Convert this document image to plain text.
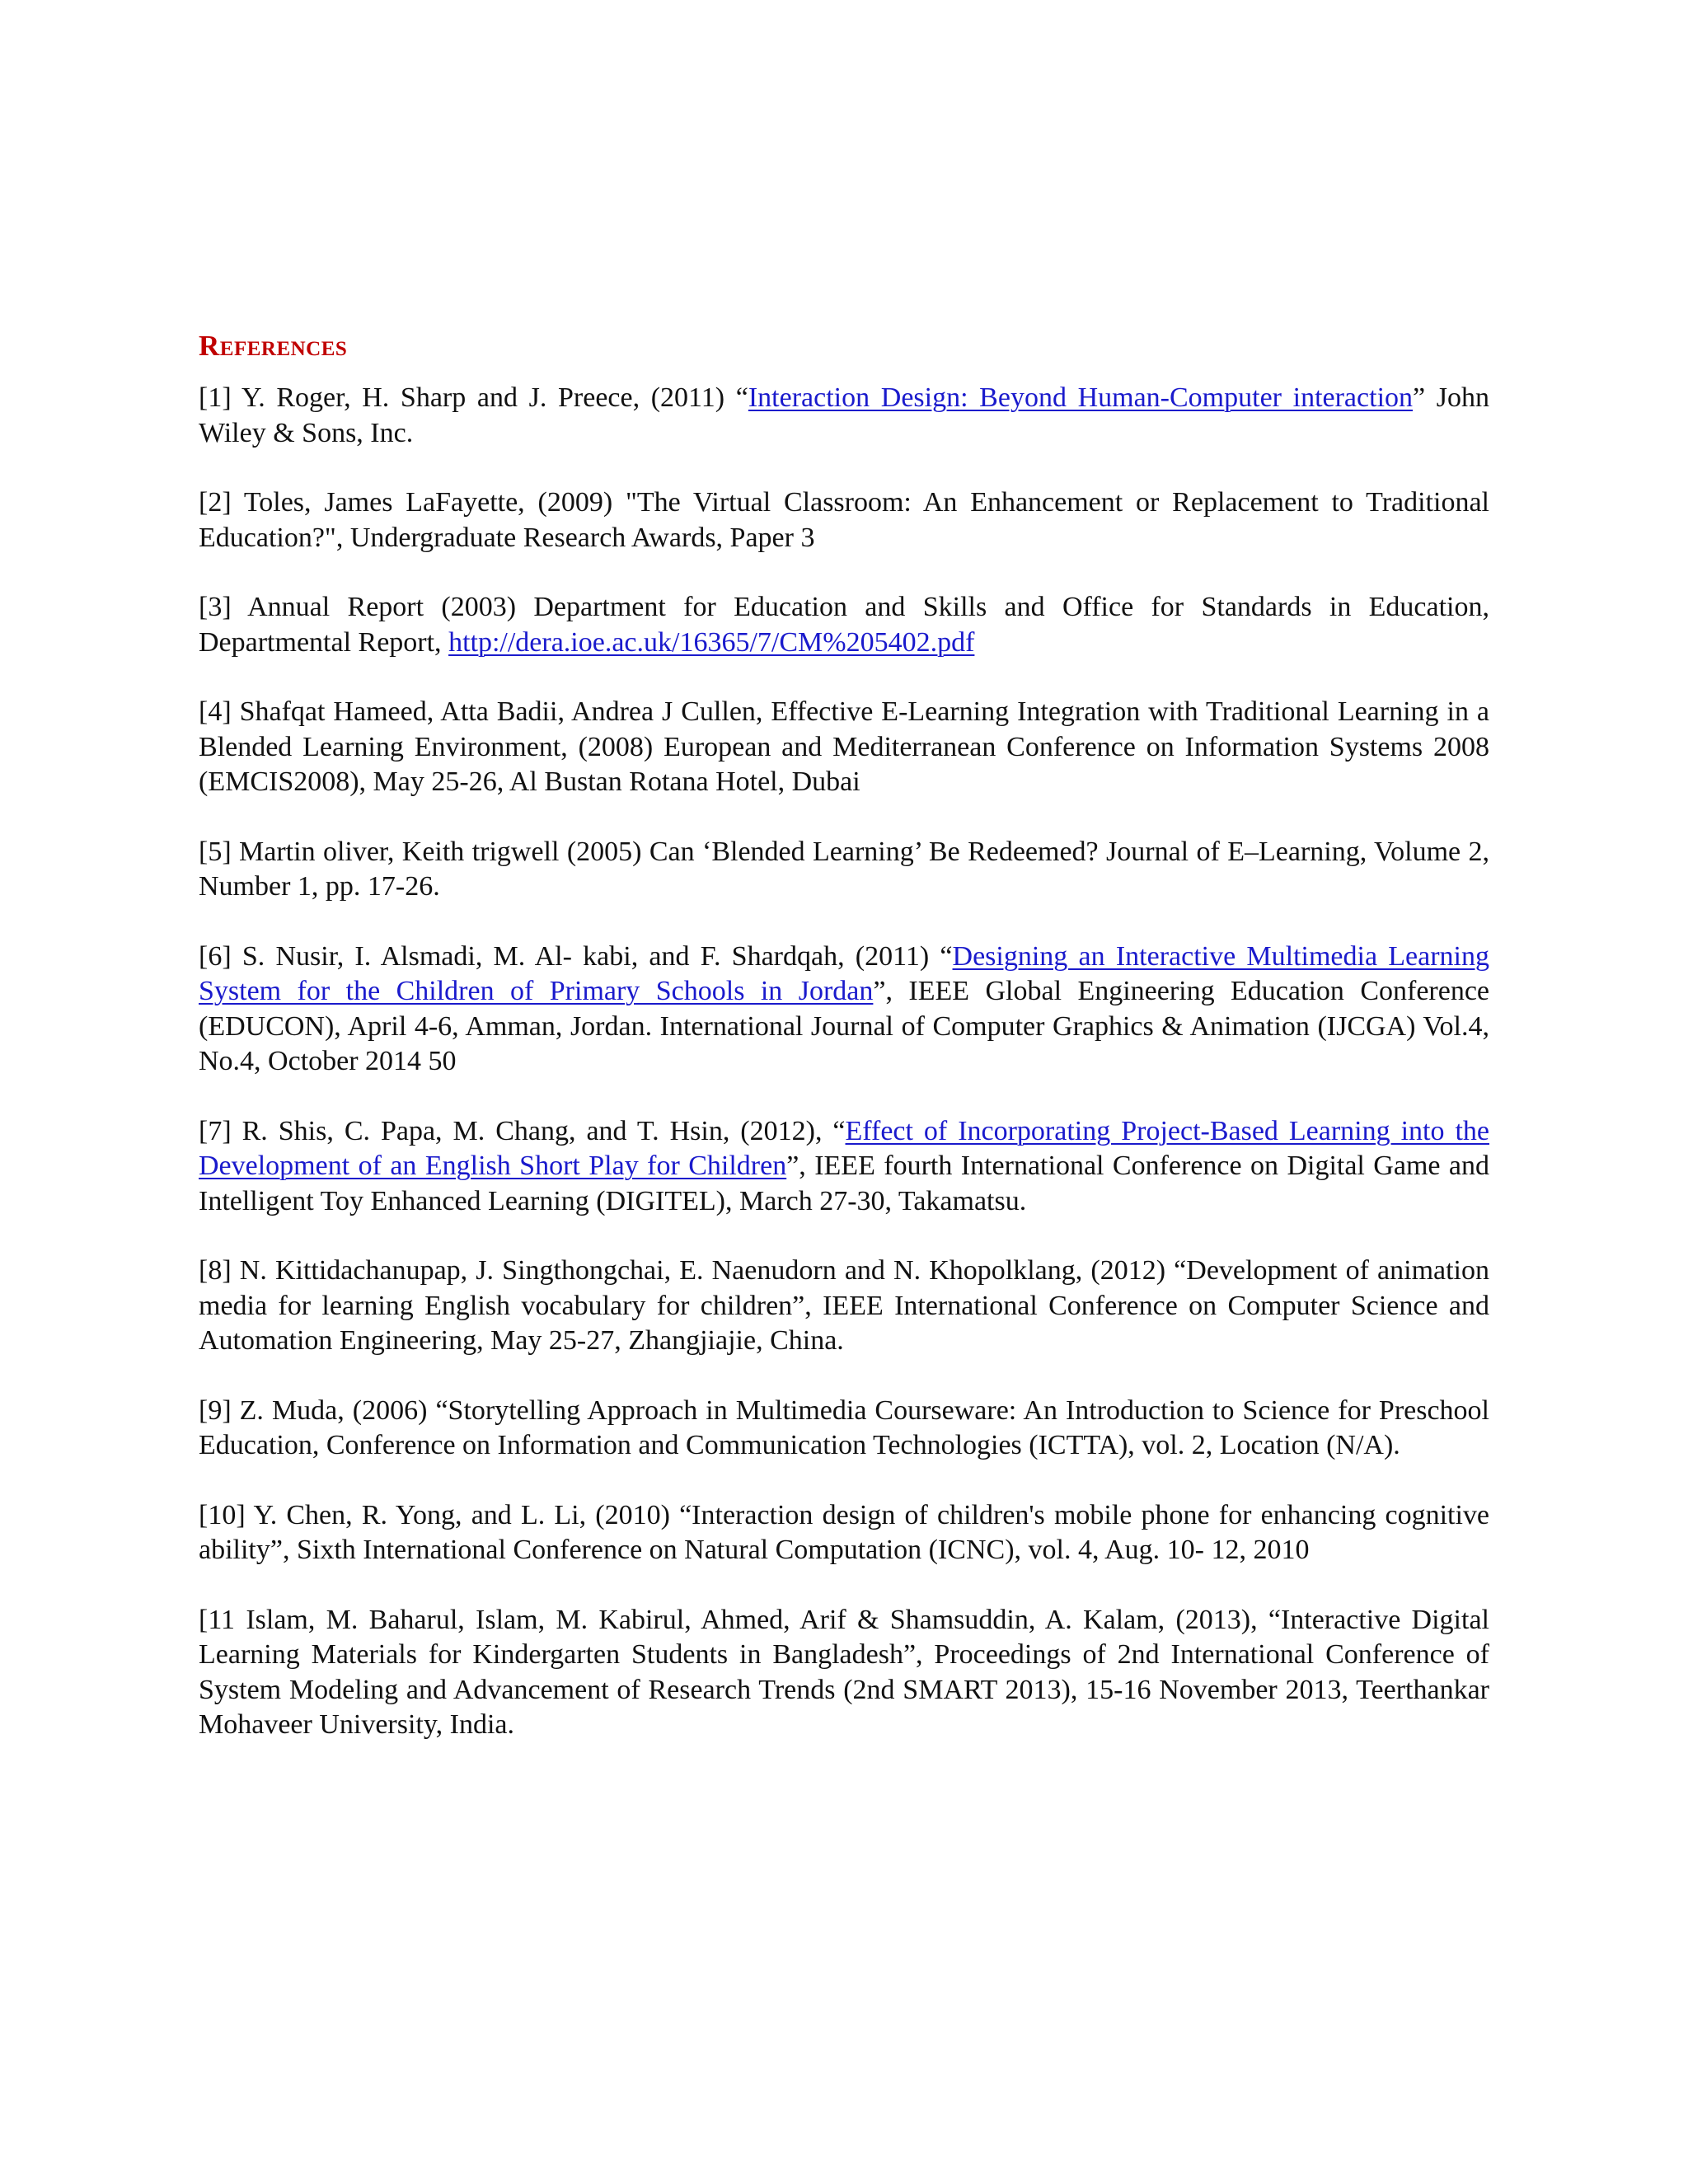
References

[1] Y. Roger, H. Sharp and J. Preece, (2011) “Interaction Design: Beyond Human-Computer interaction” John Wiley & Sons, Inc.

[2] Toles, James LaFayette, (2009) "The Virtual Classroom: An Enhancement or Replacement to Traditional Education?", Undergraduate Research Awards, Paper 3

[3] Annual Report (2003) Department for Education and Skills and Office for Standards in Education, Departmental Report, http://dera.ioe.ac.uk/16365/7/CM%205402.pdf

[4] Shafqat Hameed, Atta Badii, Andrea J Cullen, Effective E-Learning Integration with Traditional Learning in a Blended Learning Environment, (2008) European and Mediterranean Conference on Information Systems 2008 (EMCIS2008), May 25-26, Al Bustan Rotana Hotel, Dubai

[5] Martin oliver, Keith trigwell (2005) Can ‘Blended Learning’ Be Redeemed? Journal of E–Learning, Volume 2, Number 1, pp. 17-26.

[6] S. Nusir, I. Alsmadi, M. Al- kabi, and F. Shardqah, (2011) “Designing an Interactive Multimedia Learning System for the Children of Primary Schools in Jordan”, IEEE Global Engineering Education Conference (EDUCON), April 4-6, Amman, Jordan. International Journal of Computer Graphics & Animation (IJCGA) Vol.4, No.4, October 2014 50

[7] R. Shis, C. Papa, M. Chang, and T. Hsin, (2012), “Effect of Incorporating Project-Based Learning into the Development of an English Short Play for Children”, IEEE fourth International Conference on Digital Game and Intelligent Toy Enhanced Learning (DIGITEL), March 27-30, Takamatsu.

[8] N. Kittidachanupap, J. Singthongchai, E. Naenudorn and N. Khopolklang, (2012) “Development of animation media for learning English vocabulary for children”, IEEE International Conference on Computer Science and Automation Engineering, May 25-27, Zhangjiajie, China.

[9] Z. Muda, (2006) “Storytelling Approach in Multimedia Courseware: An Introduction to Science for Preschool Education, Conference on Information and Communication Technologies (ICTTA), vol. 2, Location (N/A).

[10] Y. Chen, R. Yong, and L. Li, (2010) “Interaction design of children's mobile phone for enhancing cognitive ability”, Sixth International Conference on Natural Computation (ICNC), vol. 4, Aug. 10- 12, 2010

[11 Islam, M. Baharul, Islam, M. Kabirul, Ahmed, Arif & Shamsuddin, A. Kalam, (2013), “Interactive Digital Learning Materials for Kindergarten Students in Bangladesh”, Proceedings of 2nd International Conference of System Modeling and Advancement of Research Trends (2nd SMART 2013), 15-16 November 2013, Teerthankar Mohaveer University, India.
